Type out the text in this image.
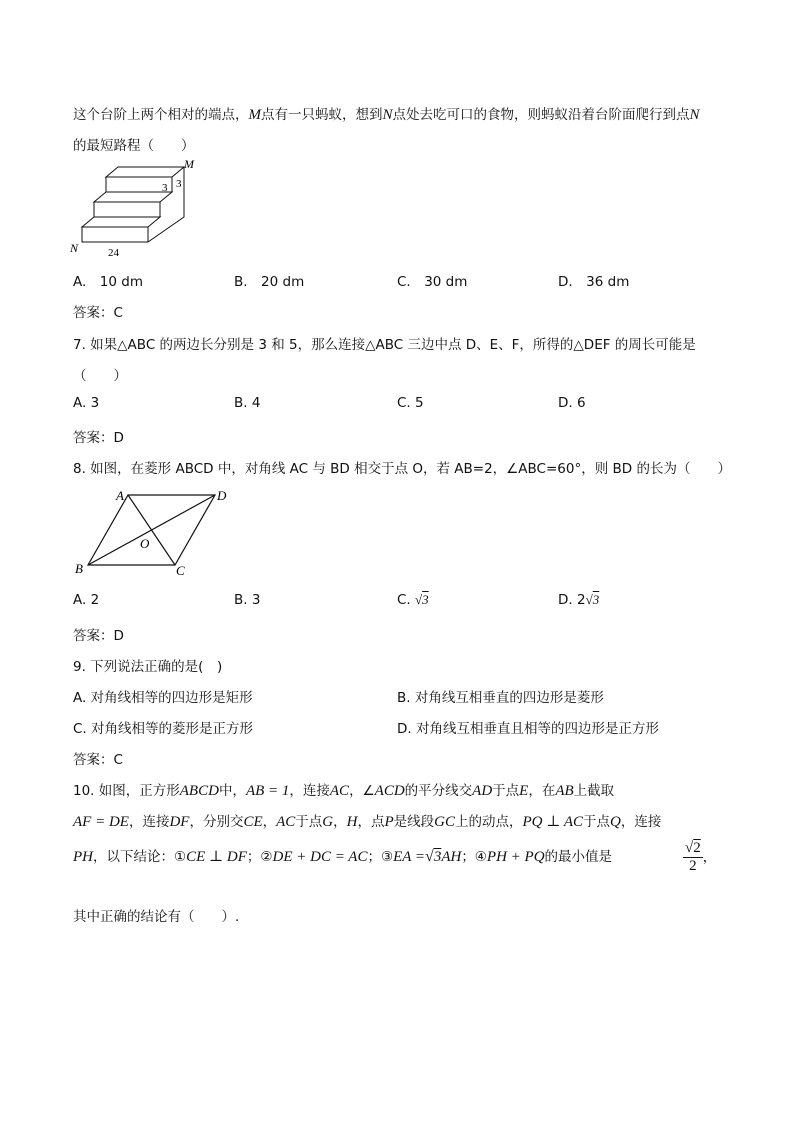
这个台阶上两个相对的端点，M点有一只蚂蚁，想到N点处去吃可口的食物，则蚂蚁沿着台阶面爬行到点N
的最短路程（　　）
M
N
3 3
24
A.　10 dm	B.　20 dm	C.　30 dm	D.　36 dm
答案：C
7. 如果△ABC 的两边长分别是 3 和 5，那么连接△ABC 三边中点 D、E、F，所得的△DEF 的周长可能是
（　　）
A. 3	B. 4	C. 5	D. 6
答案：D
8. 如图，在菱形 ABCD 中，对角线 AC 与 BD 相交于点 O，若 AB=2，∠ABC=60°，则 BD 的长为（　　）
A	D
B	C
O
A. 2	B. 3	C. √3	D. 2√3
答案：D
9. 下列说法正确的是(　)
A. 对角线相等的四边形是矩形	B. 对角线互相垂直的四边形是菱形
C. 对角线相等的菱形是正方形	D. 对角线互相垂直且相等的四边形是正方形
答案：C
10. 如图，正方形ABCD中，AB = 1，连接AC，∠ACD的平分线交AD于点E，在AB上截取
AF = DE，连接DF，分别交CE，AC于点G，H，点P是线段GC上的动点，PQ ⊥ AC于点Q，连接
PH，以下结论：①CE ⊥ DF；②DE + DC = AC；③EA =√3AH；④PH + PQ的最小值是	$\frac{√2}{2}$ ，
其中正确的结论有（　　）.
